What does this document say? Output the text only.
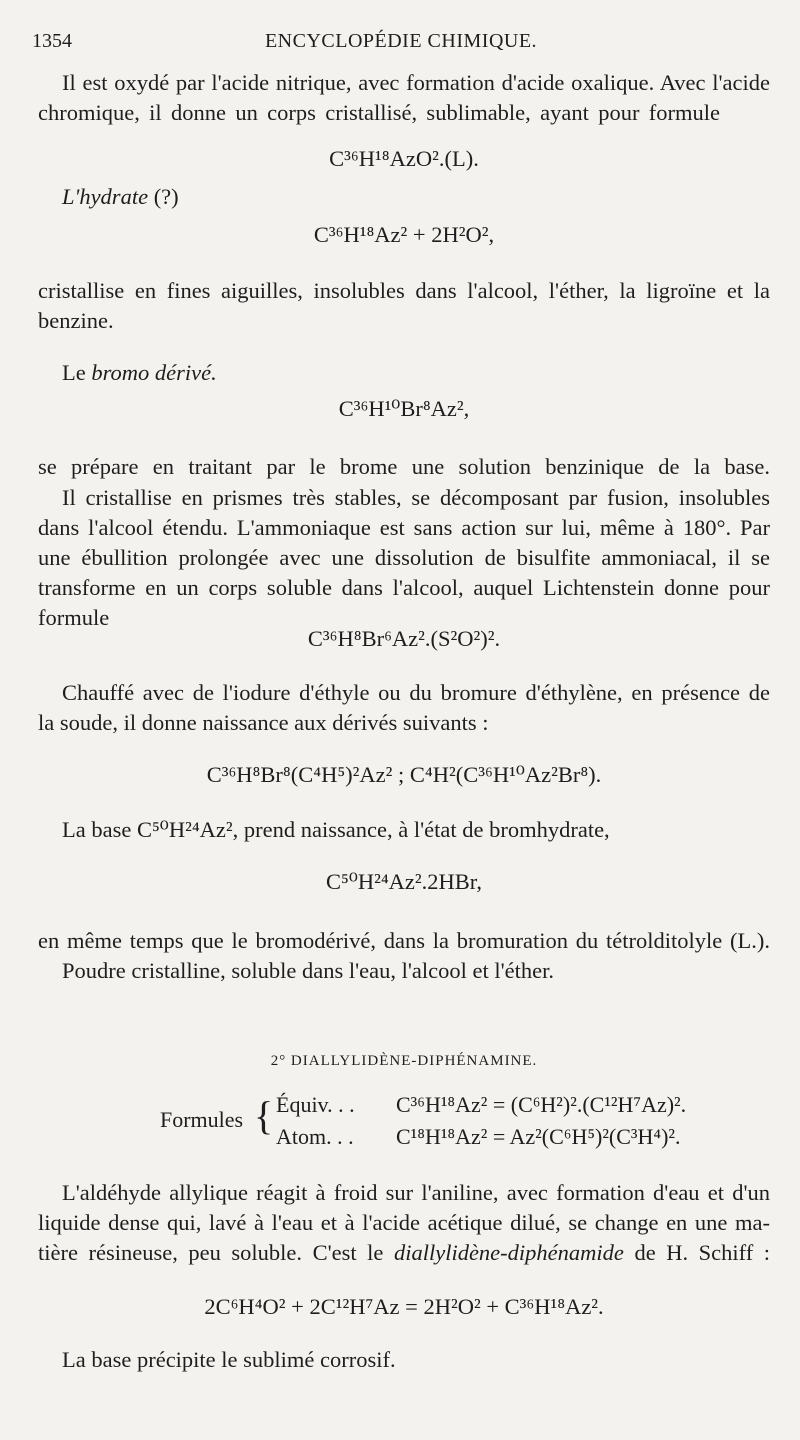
1354	ENCYCLOPÉDIE CHIMIQUE.
Il est oxydé par l'acide nitrique, avec formation d'acide oxalique. Avec l'acide
chromique, il donne un corps cristallisé, sublimable, ayant pour formule
C³⁶H¹⁸AzO².(L).
L'hydrate (?)
C³⁶H¹⁸Az² + 2H²O²,
cristallise en fines aiguilles, insolubles dans l'alcool, l'éther, la ligroïne et la
benzine.
Le bromo dérivé.
C³⁶H¹⁰Br⁸Az²,
se prépare en traitant par le brome une solution benzinique de la base.
Il cristallise en prismes très stables, se décomposant par fusion, insolubles
dans l'alcool étendu. L'ammoniaque est sans action sur lui, même à 180°. Par
une ébullition prolongée avec une dissolution de bisulfite ammoniacal, il se
transforme en un corps soluble dans l'alcool, auquel Lichtenstein donne pour
formule
C³⁶H⁸Br⁶Az².(S²O²)².
Chauffé avec de l'iodure d'éthyle ou du bromure d'éthylène, en présence de
la soude, il donne naissance aux dérivés suivants :
C³⁶H⁸Br⁸(C⁴H⁵)²Az² ; C⁴H²(C³⁶H¹⁰Az²Br⁸).
La base C⁵⁰H²⁴Az², prend naissance, à l'état de bromhydrate,
C⁵⁰H²⁴Az².2HBr,
en même temps que le bromodérivé, dans la bromuration du tétrolditolyle (L.).
Poudre cristalline, soluble dans l'eau, l'alcool et l'éther.
2° DIALLYLIDÈNE-DIPHÉNAMINE.
Formules { Équiv. . . C³⁶H¹⁸Az² = (C⁶H²)².(C¹²H⁷Az)².
Atom. . . C¹⁸H¹⁸Az² = Az²(C⁶H⁵)²(C³H⁴)².
L'aldéhyde allylique réagit à froid sur l'aniline, avec formation d'eau et d'un
liquide dense qui, lavé à l'eau et à l'acide acétique dilué, se change en une ma-
tière résineuse, peu soluble. C'est le diallylidène-diphénamide de H. Schiff :
2C⁶H⁴O² + 2C¹²H⁷Az = 2H²O² + C³⁶H¹⁸Az².
La base précipite le sublimé corrosif.
